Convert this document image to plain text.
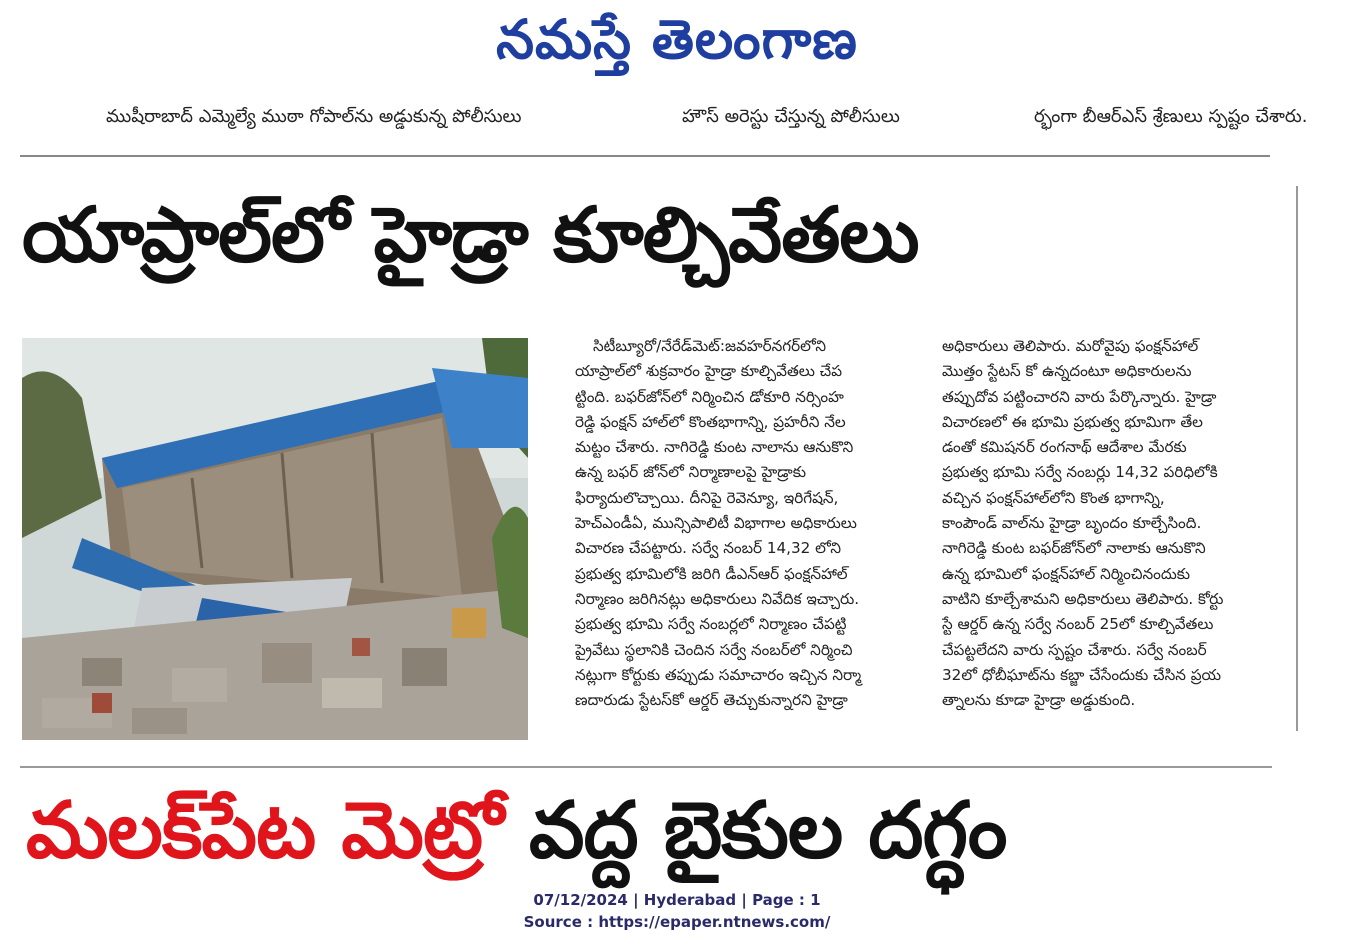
నమస్తే తెలంగాణ
ముషీరాబాద్ ఎమ్మెల్యే ముఠా గోపాల్‌ను అడ్డుకున్న పోలీసులు	హౌస్ అరెస్టు చేస్తున్న పోలీసులు	ర్భంగా బీఆర్ఎస్ శ్రేణులు స్పష్టం చేశారు.
యాప్రాల్‌లో హైడ్రా కూల్చివేతలు
సిటీబ్యూరో/నేరేడ్‌మెట్:జవహర్‌నగర్‌లోని
యాప్రాల్‌లో శుక్రవారం హైడ్రా కూల్చివేతలు చేప
ట్టింది. బఫర్‌జోన్‌లో నిర్మించిన డోకూరి నర్సింహ
రెడ్డి ఫంక్షన్ హాల్‌లో కొంతభాగాన్ని, ప్రహరీని నేల
మట్టం చేశారు. నాగిరెడ్డి కుంట నాలాను ఆనుకొని
ఉన్న బఫర్ జోన్‌లో నిర్మాణాలపై హైడ్రాకు
ఫిర్యాదులొచ్చాయి. దీనిపై రెవెన్యూ, ఇరిగేషన్,
హెచ్ఎండీఏ, మున్సిపాలిటీ విభాగాల అధికారులు
విచారణ చేపట్టారు. సర్వే నంబర్ 14,32 లోని
ప్రభుత్వ భూమిలోకి జరిగి డీఎన్ఆర్ ఫంక్షన్‌హాల్
నిర్మాణం జరిగినట్లు అధికారులు నివేదిక ఇచ్చారు.
ప్రభుత్వ భూమి సర్వే నంబర్లలో నిర్మాణం చేపట్టి
ప్రైవేటు స్థలానికి చెందిన సర్వే నంబర్‌లో నిర్మించి
నట్లుగా కోర్టుకు తప్పుడు సమాచారం ఇచ్చిన నిర్మా
ణదారుడు స్టేటస్‌కో ఆర్డర్ తెచ్చుకున్నారని హైడ్రా
అధికారులు తెలిపారు. మరోవైపు ఫంక్షన్‌హాల్
మొత్తం స్టేటస్ కో ఉన్నదంటూ అధికారులను
తప్పుదోవ పట్టించారని వారు పేర్కొన్నారు. హైడ్రా
విచారణలో ఈ భూమి ప్రభుత్వ భూమిగా తేల
డంతో కమిషనర్ రంగనాథ్ ఆదేశాల మేరకు
ప్రభుత్వ భూమి సర్వే నంబర్లు 14,32 పరిధిలోకి
వచ్చిన ఫంక్షన్‌హాల్‌లోని కొంత భాగాన్ని,
కాంపౌండ్ వాల్‌ను హైడ్రా బృందం కూల్చేసింది.
నాగిరెడ్డి కుంట బఫర్‌జోన్‌లో నాలాకు ఆనుకొని
ఉన్న భూమిలో ఫంక్షన్‌హాల్ నిర్మించినందుకు
వాటిని కూల్చేశామని అధికారులు తెలిపారు. కోర్టు
స్టే ఆర్డర్ ఉన్న సర్వే నంబర్ 25లో కూల్చివేతలు
చేపట్టలేదని వారు స్పష్టం చేశారు. సర్వే నంబర్
32లో ధోబీఘాట్‌ను కబ్జా చేసేందుకు చేసిన ప్రయ
త్నాలను కూడా హైడ్రా అడ్డుకుంది.
మలక్‌పేట మెట్రో వద్ద బైకుల దగ్ధం
07/12/2024 | Hyderabad | Page : 1
Source : https://epaper.ntnews.com/
